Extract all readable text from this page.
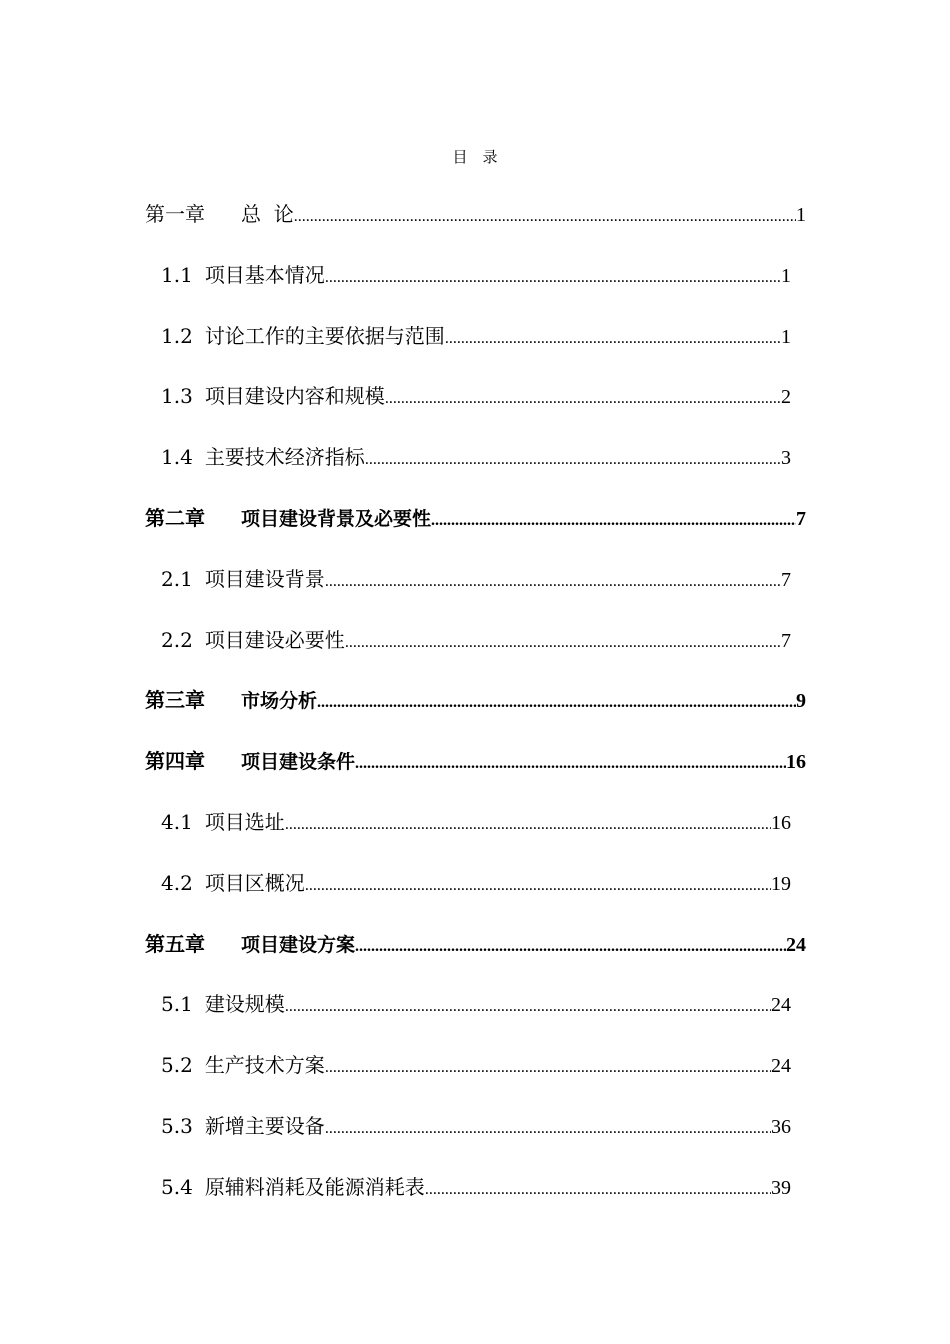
目　录
第一章 总  论 .....	1
1.1 项目基本情况 .....	1
1.2 讨论工作的主要依据与范围 .....	1
1.3 项目建设内容和规模 .....	2
1.4 主要技术经济指标 .....	3
第二章 项目建设背景及必要性 .....	7
2.1 项目建设背景 .....	7
2.2 项目建设必要性 .....	7
第三章 市场分析 .....	9
第四章 项目建设条件 .....	16
4.1 项目选址 .....	16
4.2 项目区概况 .....	19
第五章 项目建设方案 .....	24
5.1 建设规模 .....	24
5.2 生产技术方案 .....	24
5.3 新增主要设备 .....	36
5.4 原辅料消耗及能源消耗表 .....	39
